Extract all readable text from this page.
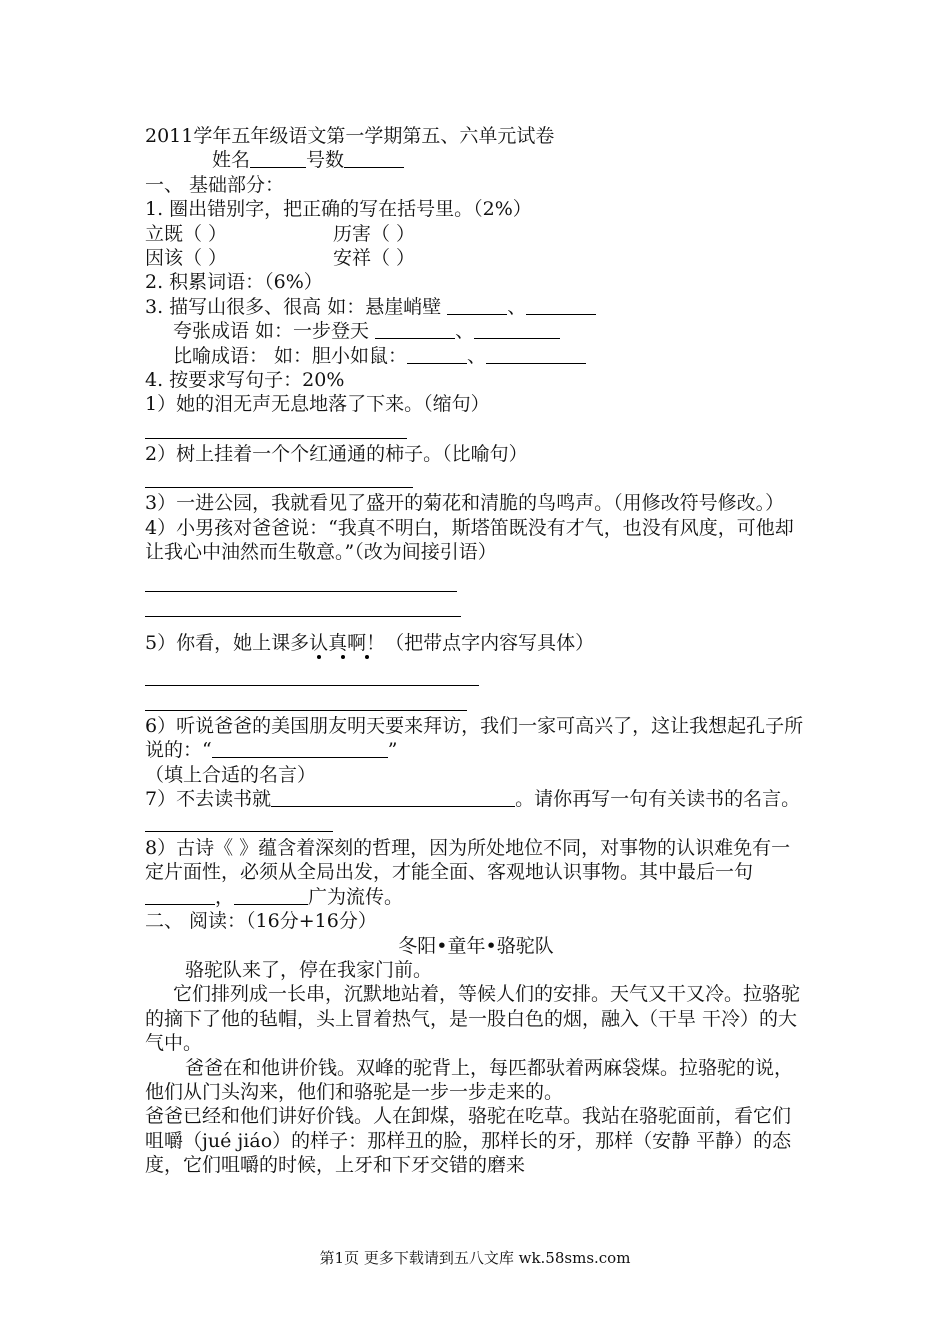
2011学年五年级语文第一学期第五、六单元试卷
姓名	号数
一、 基础部分：
1. 圈出错别字，把正确的写在括号里。（2%）
立既（ ）	历害（ ）
因该（ ）	安祥（ ）
2. 积累词语：（6%）
3. 描写山很多、很高 如：悬崖峭壁	、
夸张成语 如：一步登天	、
比喻成语： 如：胆小如鼠：	、
4. 按要求写句子：20%
1）她的泪无声无息地落了下来。（缩句）
2）树上挂着一个个红通通的柿子。（比喻句）
3）一进公园，我就看见了盛开的菊花和清脆的鸟鸣声。（用修改符号修改。）
4）小男孩对爸爸说：“我真不明白，斯塔笛既没有才气，也没有风度，可他却让我心中油然而生敬意。”（改为间接引语）
5）你看，她上课多认真啊！（把带点字内容写具体）
6）听说爸爸的美国朋友明天要来拜访，我们一家可高兴了，这让我想起孔子所说的：“	”
（填上合适的名言）
7）不去读书就	。请你再写一句有关读书的名言。
8）古诗《 》蕴含着深刻的哲理，因为所处地位不同，对事物的认识难免有一定片面性，必须从全局出发，才能全面、客观地认识事物。其中最后一句，	广为流传。
二、 阅读：（16分+16分）
冬阳•童年•骆驼队
骆驼队来了，停在我家门前。
它们排列成一长串，沉默地站着，等候人们的安排。天气又干又冷。拉骆驼的摘下了他的毡帽，头上冒着热气，是一股白色的烟，融入（干旱 干冷）的大气中。
爸爸在和他讲价钱。双峰的驼背上，每匹都驮着两麻袋煤。拉骆驼的说，他们从门头沟来，他们和骆驼是一步一步走来的。
爸爸已经和他们讲好价钱。人在卸煤，骆驼在吃草。我站在骆驼面前，看它们咀嚼（jué jiáo）的样子：那样丑的脸，那样长的牙，那样（安静 平静）的态度，它们咀嚼的时候，上牙和下牙交错的磨来
第1页 更多下载请到五八文库 wk.58sms.com
